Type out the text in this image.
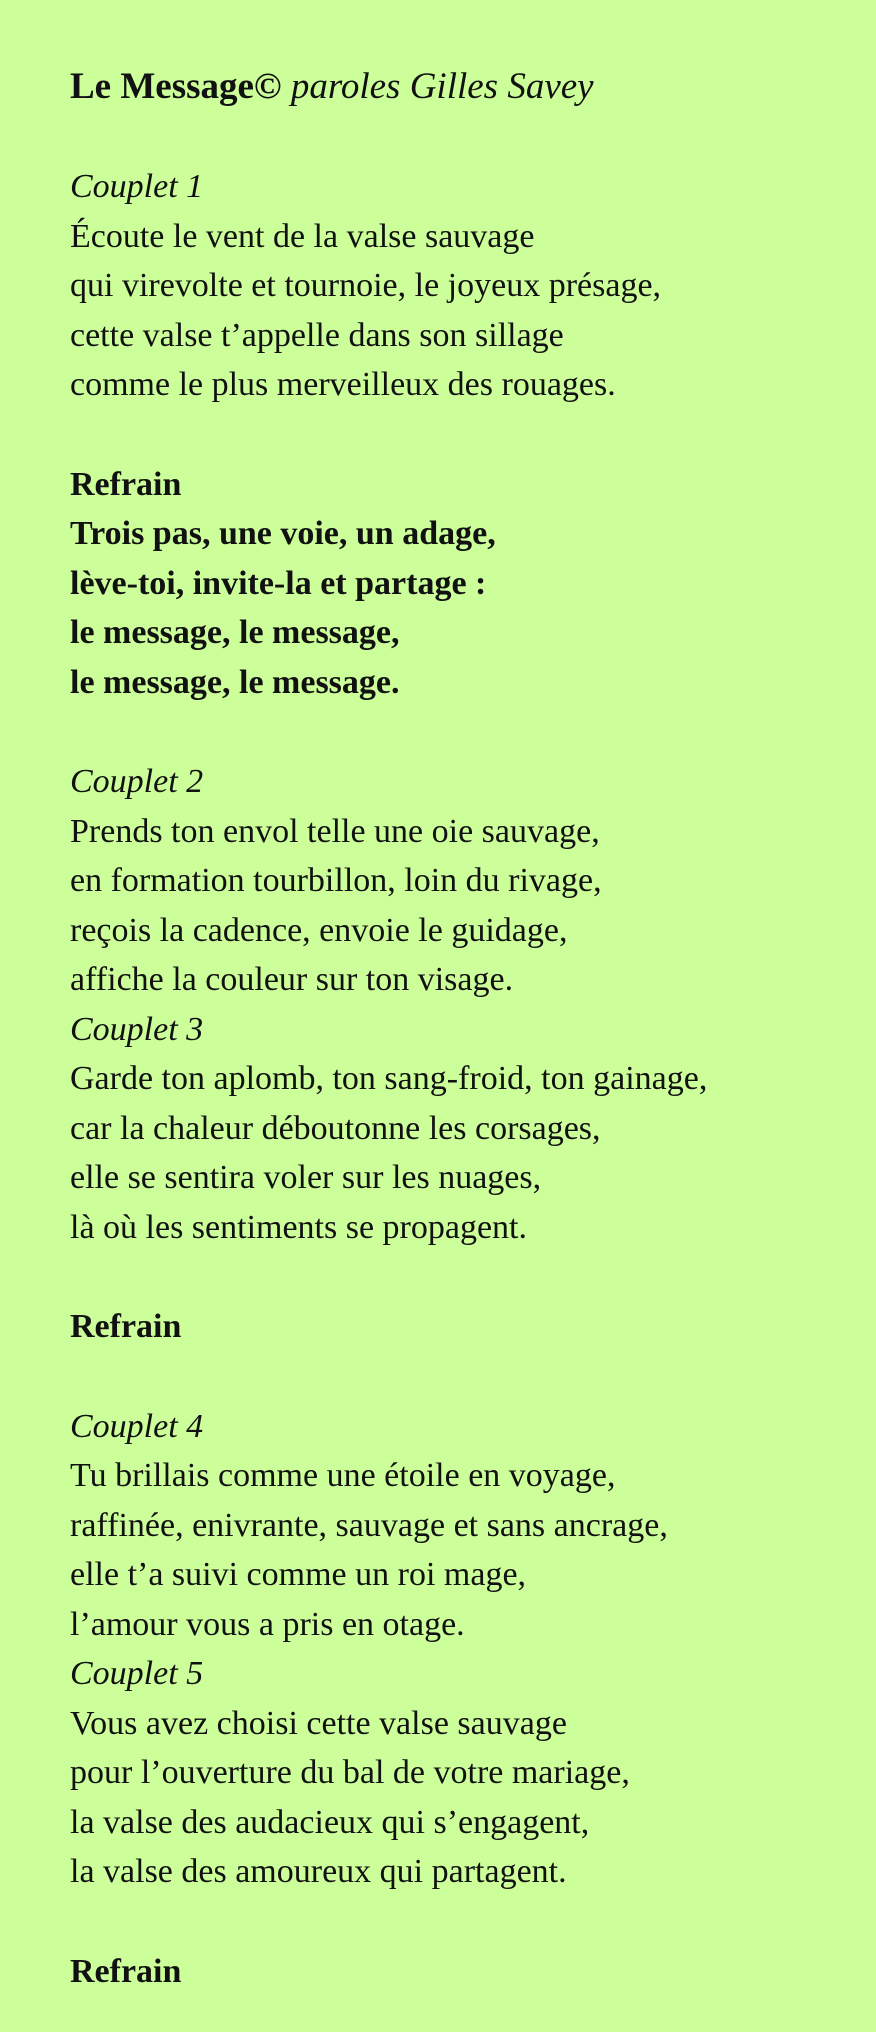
Le Message© paroles Gilles Savey
Couplet 1
Écoute le vent de la valse sauvage
qui virevolte et tournoie, le joyeux présage,
cette valse t’appelle dans son sillage
comme le plus merveilleux des rouages.
Refrain
Trois pas, une voie, un adage,
lève-toi, invite-la et partage :
le message, le message,
le message, le message.
Couplet 2
Prends ton envol telle une oie sauvage,
en formation tourbillon, loin du rivage,
reçois la cadence, envoie le guidage,
affiche la couleur sur ton visage.
Couplet 3
Garde ton aplomb, ton sang-froid, ton gainage,
car la chaleur déboutonne les corsages,
elle se sentira voler sur les nuages,
là où les sentiments se propagent.
Refrain
Couplet 4
Tu brillais comme une étoile en voyage,
raffinée, enivrante, sauvage et sans ancrage,
elle t’a suivi comme un roi mage,
l’amour vous a pris en otage.
Couplet 5
Vous avez choisi cette valse sauvage
pour l’ouverture du bal de votre mariage,
la valse des audacieux qui s’engagent,
la valse des amoureux qui partagent.
Refrain
